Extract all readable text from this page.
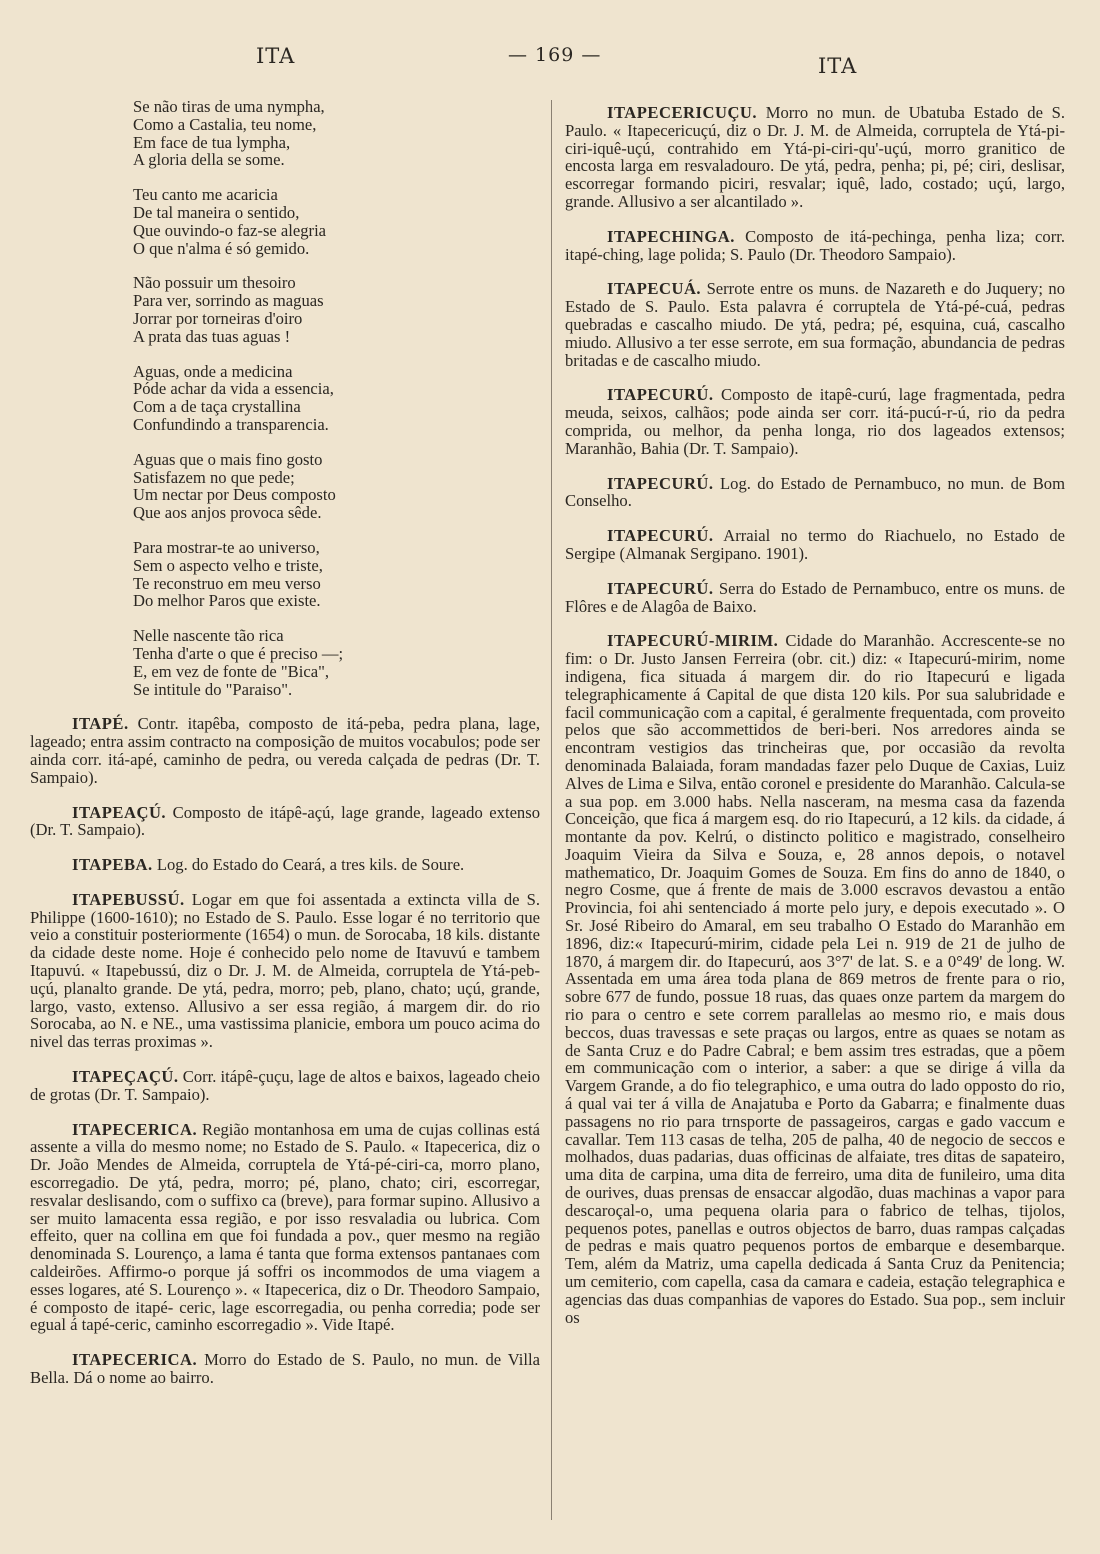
ITA	— 169 —	ITA
Se não tiras de uma nympha,
Como a Castalia, teu nome,
Em face de tua lympha,
A gloria della se some.
Teu canto me acaricia
De tal maneira o sentido,
Que ouvindo-o faz-se alegria
O que n'alma é só gemido.
Não possuir um thesoiro
Para ver, sorrindo as maguas
Jorrar por torneiras d'oiro
A prata das tuas aguas !
Aguas, onde a medicina
Póde achar da vida a essencia,
Com a de taça crystallina
Confundindo a transparencia.
Aguas que o mais fino gosto
Satisfazem no que pede;
Um nectar por Deus composto
Que aos anjos provoca sêde.
Para mostrar-te ao universo,
Sem o aspecto velho e triste,
Te reconstruo em meu verso
Do melhor Paros que existe.
Nelle nascente tão rica
Tenha d'arte o que é preciso —;
E, em vez de fonte de "Bica",
Se intitule do "Paraiso".

ITAPÉ. Contr. itapêba, composto de itá-peba, pedra plana, lage, lageado; entra assim contracto na composição de muitos vocabulos; pode ser ainda corr. itá-apé, caminho de pedra, ou vereda calçada de pedras (Dr. T. Sampaio).

ITAPEAÇÚ. Composto de itápê-açú, lage grande, lageado extenso (Dr. T. Sampaio).

ITAPEBA. Log. do Estado do Ceará, a tres kils. de Soure.

ITAPEBUSSÚ. Logar em que foi assentada a extincta villa de S. Philippe (1600-1610); no Estado de S. Paulo. Esse logar é no territorio que veio a constituir posteriormente (1654) o mun. de Sorocaba, 18 kils. distante da cidade deste nome. Hoje é conhecido pelo nome de Itavuvú e tambem Itapuvú. « Itapebussú, diz o Dr. J. M. de Almeida, corruptela de Ytá-peb-uçú, planalto grande. De ytá, pedra, morro; peb, plano, chato; uçú, grande, largo, vasto, extenso. Allusivo a ser essa região, á margem dir. do rio Sorocaba, ao N. e NE., uma vastissima planicie, embora um pouco acima do nivel das terras proximas ».

ITAPEÇAÇÚ. Corr. itápê-çuçu, lage de altos e baixos, lageado cheio de grotas (Dr. T. Sampaio).

ITAPECERICA. Região montanhosa em uma de cujas collinas está assente a villa do mesmo nome; no Estado de S. Paulo. « Itapecerica, diz o Dr. João Mendes de Almeida, corruptela de Ytá-pé-ciri-ca, morro plano, escorregadio. De ytá, pedra, morro; pé, plano, chato; ciri, escorregar, resvalar deslisando, com o suffixo ca (breve), para formar supino. Allusivo a ser muito lamacenta essa região, e por isso resvaladia ou lubrica. Com effeito, quer na collina em que foi fundada a pov., quer mesmo na região denominada S. Lourenço, a lama é tanta que forma extensos pantanaes com caldeirões. Affirmo-o porque já soffri os incommodos de uma viagem a esses logares, até S. Lourenço ». « Itapecerica, diz o Dr. Theodoro Sampaio, é composto de itapé- ceric, lage escorregadia, ou penha corredia; pode ser egual á tapé-ceric, caminho escorregadio ». Vide Itapé.

ITAPECERICA. Morro do Estado de S. Paulo, no mun. de Villa Bella. Dá o nome ao bairro.

ITAPECERICUÇU. Morro no mun. de Ubatuba Estado de S. Paulo. « Itapecericuçú, diz o Dr. J. M. de Almeida, corruptela de Ytá-pi-ciri-iquê-uçú, contrahido em Ytá-pi-ciri-qu'-uçú, morro granitico de encosta larga em resvaladouro. De ytá, pedra, penha; pi, pé; ciri, deslisar, escorregar formando piciri, resvalar; iquê, lado, costado; uçú, largo, grande. Allusivo a ser alcantilado ».

ITAPECHINGA. Composto de itá-pechinga, penha liza; corr. itapé-ching, lage polida; S. Paulo (Dr. Theodoro Sampaio).

ITAPECUÁ. Serrote entre os muns. de Nazareth e do Juquery; no Estado de S. Paulo. Esta palavra é corruptela de Ytá-pé-cuá, pedras quebradas e cascalho miudo. De ytá, pedra; pé, esquina, cuá, cascalho miudo. Allusivo a ter esse serrote, em sua formação, abundancia de pedras britadas e de cascalho miudo.

ITAPECURÚ. Composto de itapê-curú, lage fragmentada, pedra meuda, seixos, calhãos; pode ainda ser corr. itá-pucú-r-ú, rio da pedra comprida, ou melhor, da penha longa, rio dos lageados extensos; Maranhão, Bahia (Dr. T. Sampaio).

ITAPECURÚ. Log. do Estado de Pernambuco, no mun. de Bom Conselho.

ITAPECURÚ. Arraial no termo do Riachuelo, no Estado de Sergipe (Almanak Sergipano. 1901).

ITAPECURÚ. Serra do Estado de Pernambuco, entre os muns. de Flôres e de Alagôa de Baixo.

ITAPECURÚ-MIRIM. Cidade do Maranhão. Accrescente-se no fim: o Dr. Justo Jansen Ferreira (obr. cit.) diz: « Itapecurú-mirim, nome indigena, fica situada á margem dir. do rio Itapecurú e ligada telegraphicamente á Capital de que dista 120 kils. Por sua salubridade e facil communicação com a capital, é geralmente frequentada, com proveito pelos que são accommettidos de beri-beri. Nos arredores ainda se encontram vestigios das trincheiras que, por occasião da revolta denominada Balaiada, foram mandadas fazer pelo Duque de Caxias, Luiz Alves de Lima e Silva, então coronel e presidente do Maranhão. Calcula-se a sua pop. em 3.000 habs. Nella nasceram, na mesma casa da fazenda Conceição, que fica á margem esq. do rio Itapecurú, a 12 kils. da cidade, á montante da pov. Kelrú, o distincto politico e magistrado, conselheiro Joaquim Vieira da Silva e Souza, e, 28 annos depois, o notavel mathematico, Dr. Joaquim Gomes de Souza. Em fins do anno de 1840, o negro Cosme, que á frente de mais de 3.000 escravos devastou a então Provincia, foi ahi sentenciado á morte pelo jury, e depois executado ». O Sr. José Ribeiro do Amaral, em seu trabalho O Estado do Maranhão em 1896, diz:« Itapecurú-mirim, cidade pela Lei n. 919 de 21 de julho de 1870, á margem dir. do Itapecurú, aos 3°7' de lat. S. e a 0°49' de long. W. Assentada em uma área toda plana de 869 metros de frente para o rio, sobre 677 de fundo, possue 18 ruas, das quaes onze partem da margem do rio para o centro e sete correm parallelas ao mesmo rio, e mais dous beccos, duas travessas e sete praças ou largos, entre as quaes se notam as de Santa Cruz e do Padre Cabral; e bem assim tres estradas, que a põem em communicação com o interior, a saber: a que se dirige á villa da Vargem Grande, a do fio telegraphico, e uma outra do lado opposto do rio, á qual vai ter á villa de Anajatuba e Porto da Gabarra; e finalmente duas passagens no rio para trnsporte de passageiros, cargas e gado vaccum e cavallar. Tem 113 casas de telha, 205 de palha, 40 de negocio de seccos e molhados, duas padarias, duas officinas de alfaiate, tres ditas de sapateiro, uma dita de carpina, uma dita de ferreiro, uma dita de funileiro, uma dita de ourives, duas prensas de ensaccar algodão, duas machinas a vapor para descaroçal-o, uma pequena olaria para o fabrico de telhas, tijolos, pequenos potes, panellas e outros objectos de barro, duas rampas calçadas de pedras e mais quatro pequenos portos de embarque e desembarque. Tem, além da Matriz, uma capella dedicada á Santa Cruz da Penitencia; um cemiterio, com capella, casa da camara e cadeia, estação telegraphica e agencias das duas companhias de vapores do Estado. Sua pop., sem incluir os
